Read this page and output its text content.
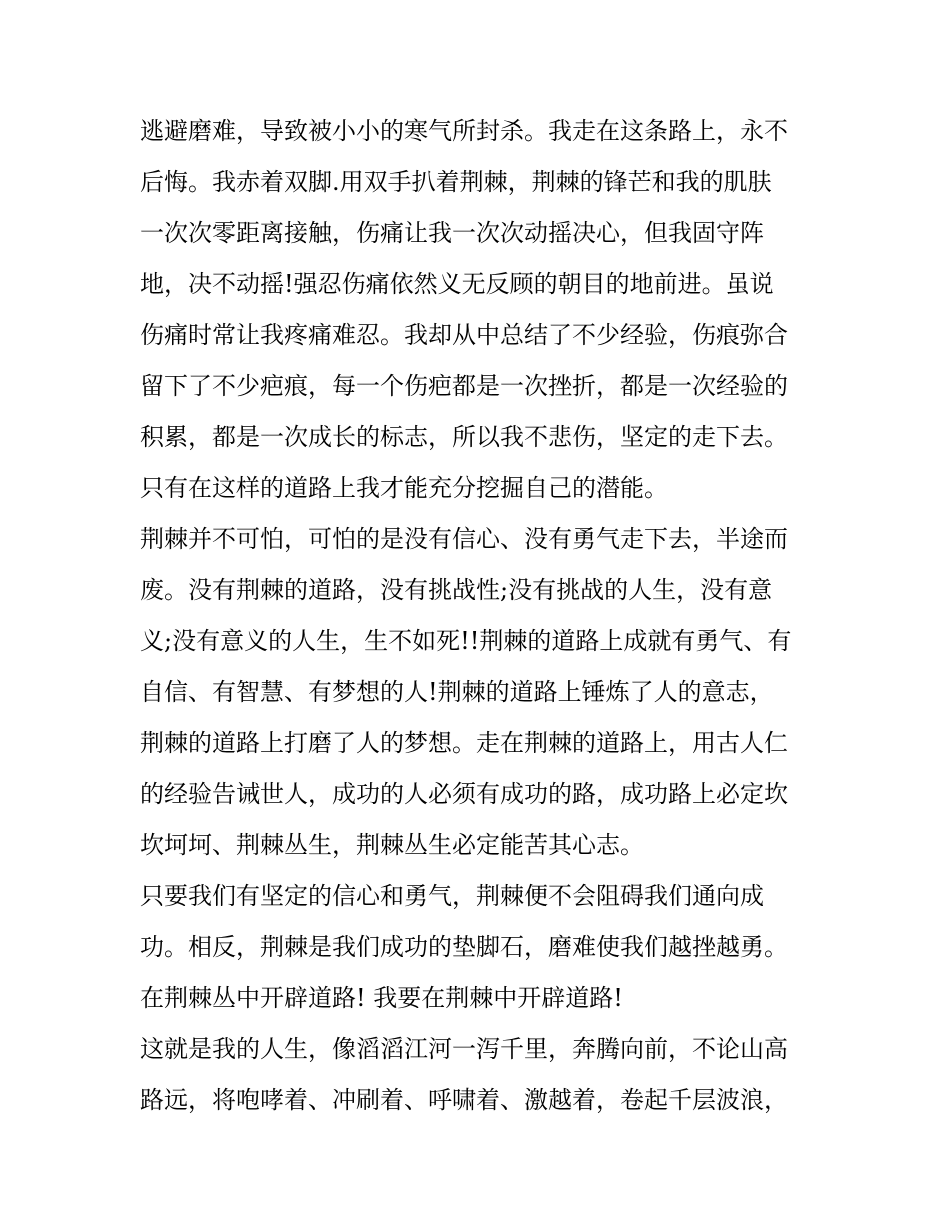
逃避磨难，导致被小小的寒气所封杀。我走在这条路上，永不
后悔。我赤着双脚.用双手扒着荆棘，荆棘的锋芒和我的肌肤
一次次零距离接触，伤痛让我一次次动摇决心，但我固守阵
地，决不动摇!强忍伤痛依然义无反顾的朝目的地前进。虽说
伤痛时常让我疼痛难忍。我却从中总结了不少经验，伤痕弥合
留下了不少疤痕，每一个伤疤都是一次挫折，都是一次经验的
积累，都是一次成长的标志，所以我不悲伤，坚定的走下去。
只有在这样的道路上我才能充分挖掘自己的潜能。
荆棘并不可怕，可怕的是没有信心、没有勇气走下去，半途而
废。没有荆棘的道路，没有挑战性;没有挑战的人生，没有意
义;没有意义的人生，生不如死!!荆棘的道路上成就有勇气、有
自信、有智慧、有梦想的人!荆棘的道路上锤炼了人的意志，
荆棘的道路上打磨了人的梦想。走在荆棘的道路上，用古人仁
的经验告诫世人，成功的人必须有成功的路，成功路上必定坎
坎坷坷、荆棘丛生，荆棘丛生必定能苦其心志。
只要我们有坚定的信心和勇气，荆棘便不会阻碍我们通向成
功。相反，荆棘是我们成功的垫脚石，磨难使我们越挫越勇。
在荆棘丛中开辟道路! 我要在荆棘中开辟道路!
这就是我的人生，像滔滔江河一泻千里，奔腾向前，不论山高
路远，将咆哮着、冲刷着、呼啸着、激越着，卷起千层波浪，
